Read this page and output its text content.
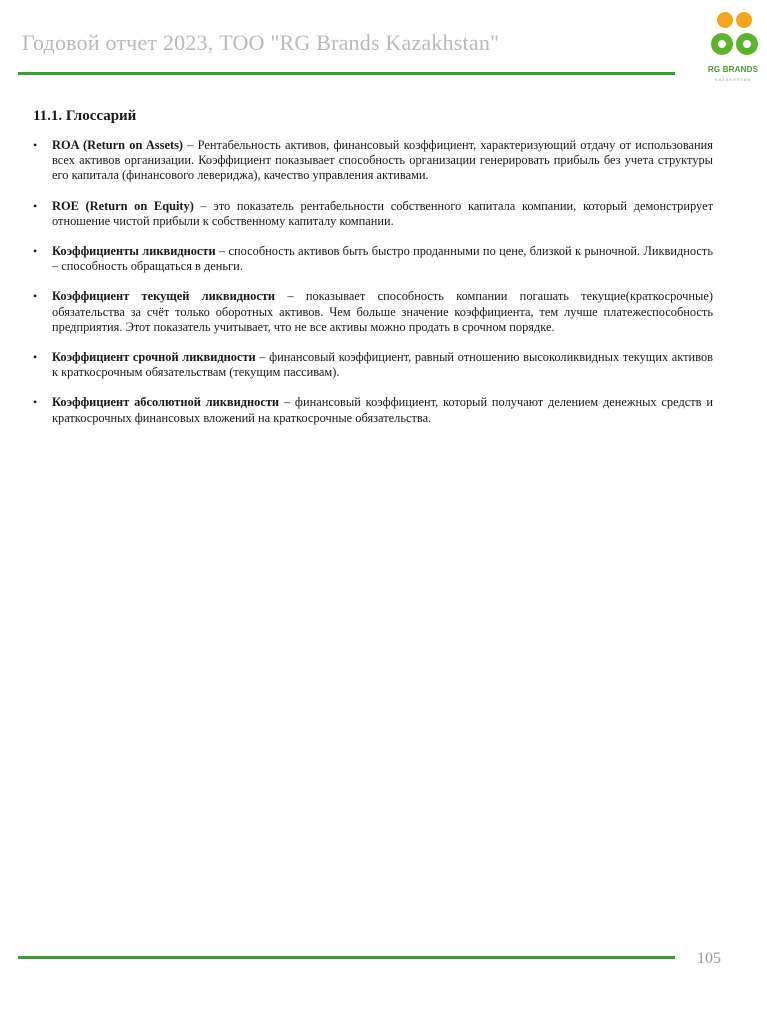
Годовой отчет 2023, ТОО "RG Brands Kazakhstan"
RG BRANDS
KAZAKHSTAN
11.1. Глоссарий
• ROA (Return on Assets) – Рентабельность активов, финансовый коэффициент, характеризующий отдачу от использования всех активов организации. Коэффициент показывает способность организации генерировать прибыль без учета структуры его капитала (финансового левериджа), качество управления активами.
• ROE (Return on Equity) – это показатель рентабельности собственного капитала компании, который демонстрирует отношение чистой прибыли к собственному капиталу компании.
• Коэффициенты ликвидности – способность активов быть быстро проданными по цене, близкой к рыночной. Ликвидность – способность обращаться в деньги.
• Коэффициент текущей ликвидности – показывает способность компании погашать текущие(краткосрочные) обязательства за счёт только оборотных активов. Чем больше значение коэффициента, тем лучше платежеспособность предприятия. Этот показатель учитывает, что не все активы можно продать в срочном порядке.
• Коэффициент срочной ликвидности – финансовый коэффициент, равный отношению высоколиквидных текущих активов к краткосрочным обязательствам (текущим пассивам).
• Коэффициент абсолютной ликвидности – финансовый коэффициент, который получают делением денежных средств и краткосрочных финансовых вложений на краткосрочные обязательства.
105
